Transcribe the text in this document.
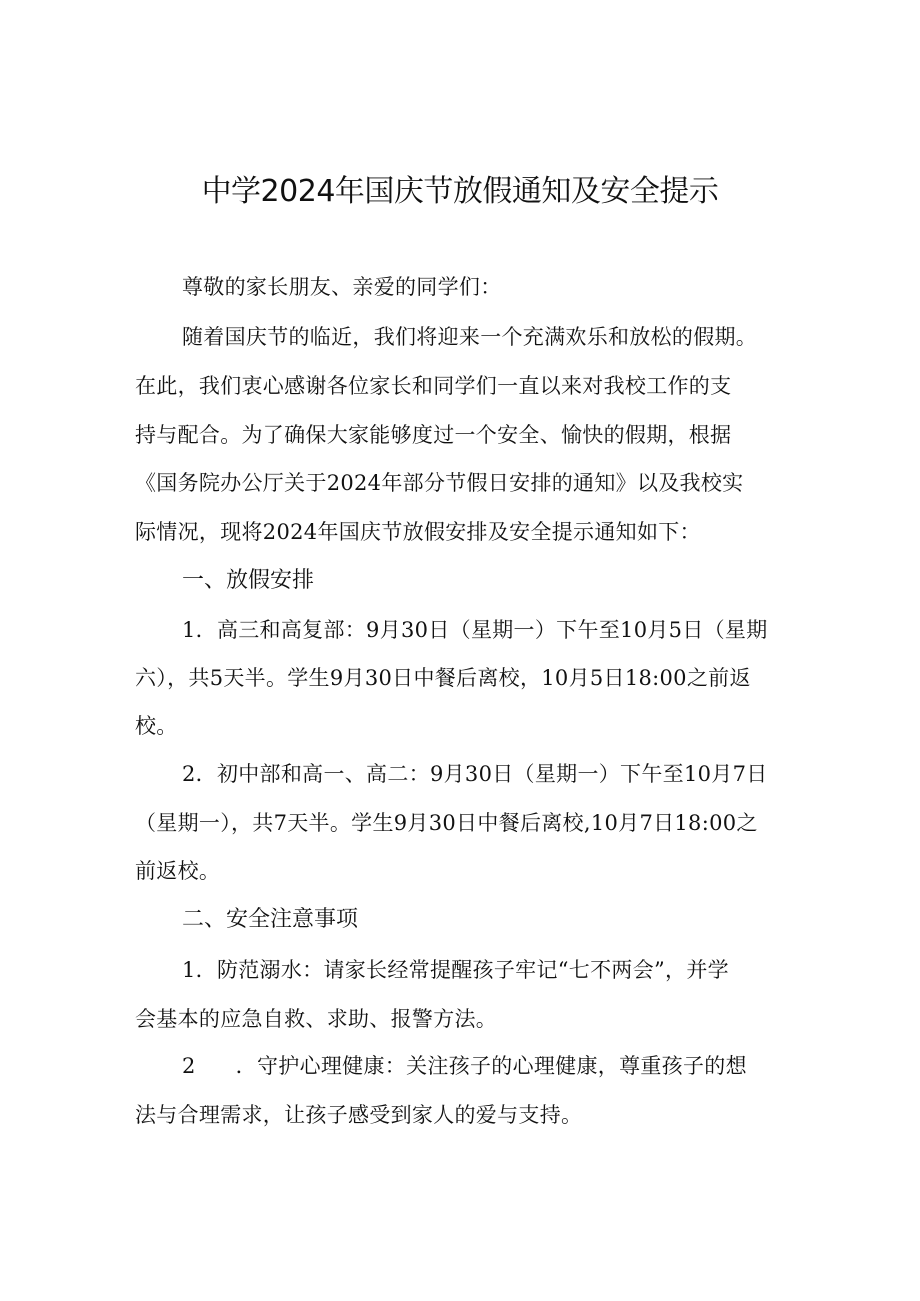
中学2024年国庆节放假通知及安全提示
尊敬的家长朋友、亲爱的同学们：
随着国庆节的临近，我们将迎来一个充满欢乐和放松的假期。
在此，我们衷心感谢各位家长和同学们一直以来对我校工作的支
持与配合。为了确保大家能够度过一个安全、愉快的假期，根据
《国务院办公厅关于2024年部分节假日安排的通知》以及我校实
际情况，现将2024年国庆节放假安排及安全提示通知如下：
一、放假安排
1．高三和高复部：9月30日（星期一）下午至10月5日（星期
六），共5天半。学生9月30日中餐后离校，10月5日18:00之前返
校。
2．初中部和高一、高二：9月30日（星期一）下午至10月7日
（星期一），共7天半。学生9月30日中餐后离校,10月7日18:00之
前返校。
二、安全注意事项
1．防范溺水：请家长经常提醒孩子牢记“七不两会”，并学
会基本的应急自救、求助、报警方法。
2 ．守护心理健康：关注孩子的心理健康，尊重孩子的想
法与合理需求，让孩子感受到家人的爱与支持。
